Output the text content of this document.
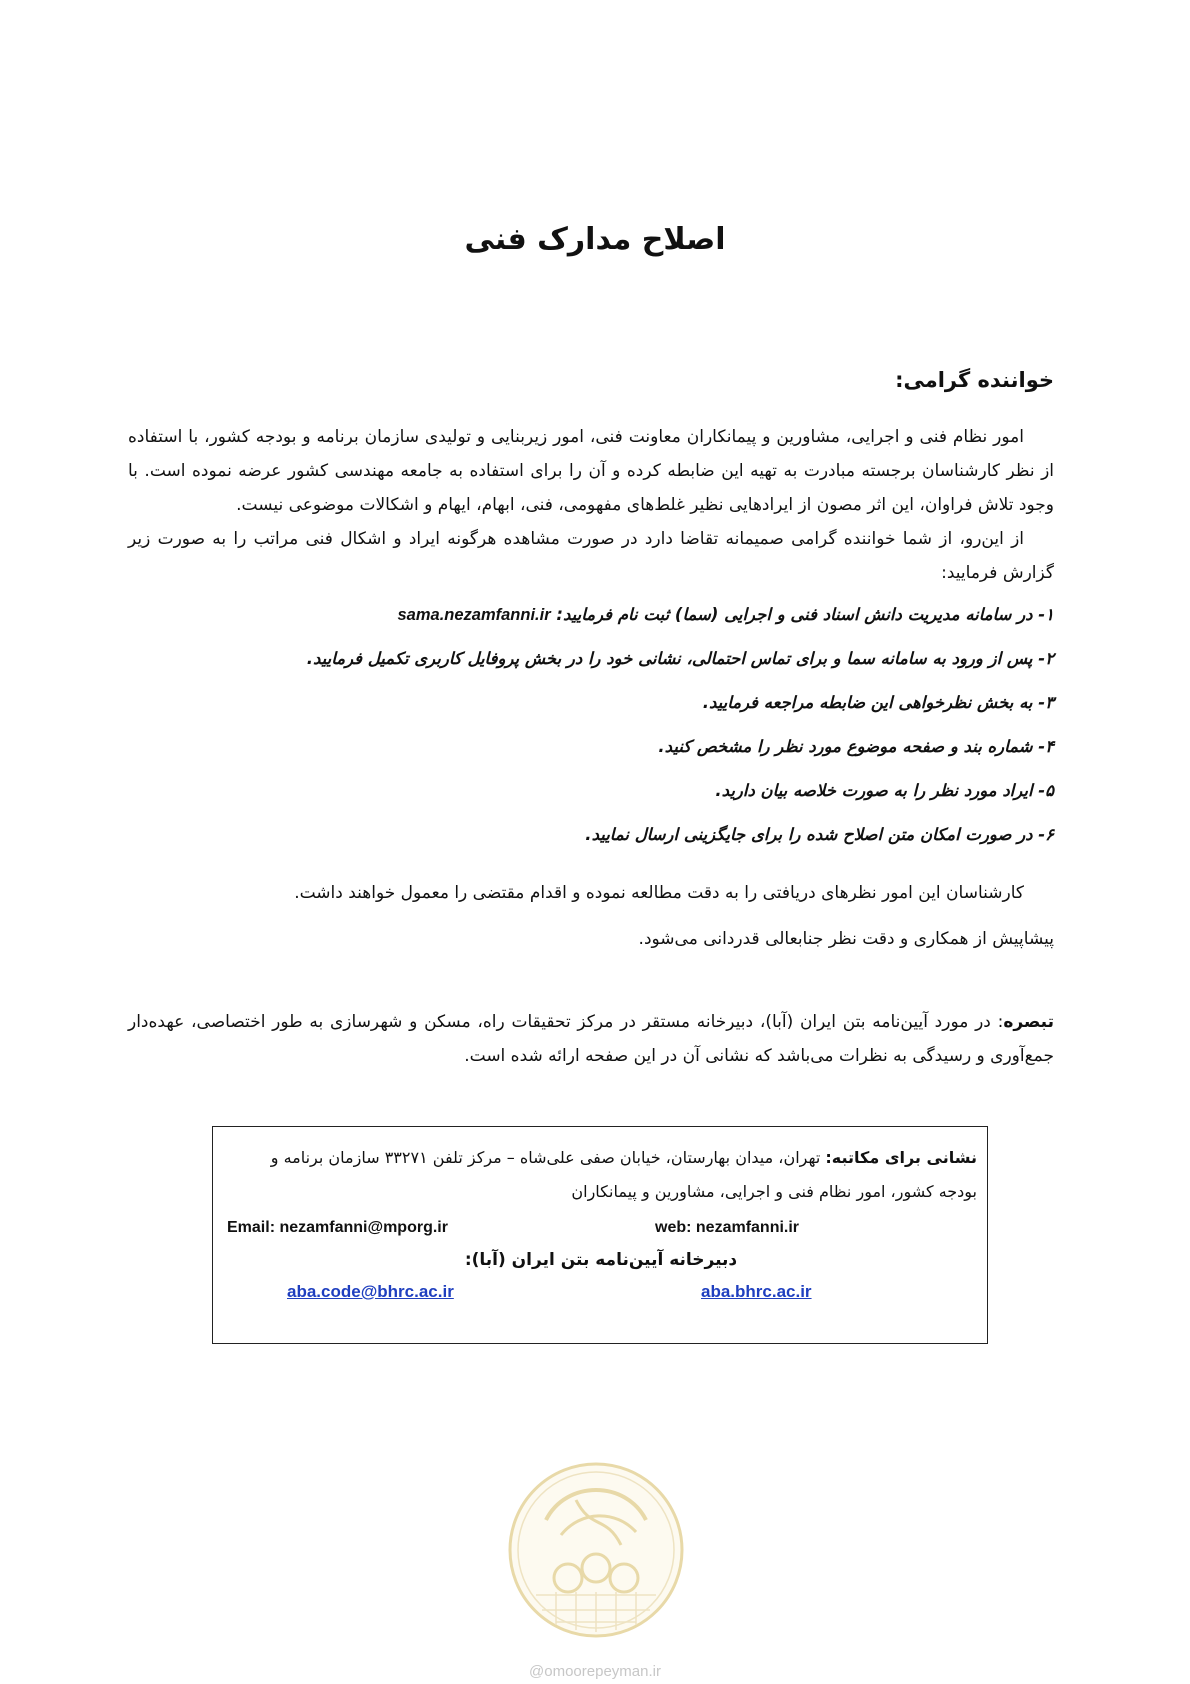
اصلاح مدارک فنی
خواننده گرامی:

امور نظام فنی و اجرایی، مشاورین و پیمانکاران معاونت فنی، امور زیربنایی و تولیدی سازمان برنامه و بودجه کشور، با استفاده از نظر کارشناسان برجسته مبادرت به تهیه این ضابطه کرده و آن را برای استفاده به جامعه مهندسی کشور عرضه نموده است. با وجود تلاش فراوان، این اثر مصون از ایرادهایی نظیر غلط‌های مفهومی، فنی، ابهام، ایهام و اشکالات موضوعی نیست.

از این‌رو، از شما خواننده گرامی صمیمانه تقاضا دارد در صورت مشاهده هرگونه ایراد و اشکال فنی مراتب را به صورت زیر گزارش فرمایید:

۱- در سامانه مدیریت دانش اسناد فنی و اجرایی (سما) ثبت نام فرمایید: sama.nezamfanni.ir
۲- پس از ورود به سامانه سما و برای تماس احتمالی، نشانی خود را در بخش پروفایل کاربری تکمیل فرمایید.
۳- به بخش نظرخواهی این ضابطه مراجعه فرمایید.
۴- شماره بند و صفحه موضوع مورد نظر را مشخص کنید.
۵- ایراد مورد نظر را به صورت خلاصه بیان دارید.
۶- در صورت امکان متن اصلاح شده را برای جایگزینی ارسال نمایید.

کارشناسان این امور نظرهای دریافتی را به دقت مطالعه نموده و اقدام مقتضی را معمول خواهند داشت.

پیشاپیش از همکاری و دقت نظر جنابعالی قدردانی می‌شود.

تبصره: در مورد آیین‌نامه بتن ایران (آبا)، دبیرخانه مستقر در مرکز تحقیقات راه، مسکن و شهرسازی به طور اختصاصی، عهده‌دار جمع‌آوری و رسیدگی به نظرات می‌باشد که نشانی آن در این صفحه ارائه شده است.

نشانی برای مکاتبه: تهران، میدان بهارستان، خیابان صفی علی‌شاه – مرکز تلفن ۳۳۲۷۱ سازمان برنامه و بودجه کشور، امور نظام فنی و اجرایی، مشاورین و پیمانکاران
Email: nezamfanni@mporg.ir	web: nezamfanni.ir
دبیرخانه آیین‌نامه بتن ایران (آبا):
aba.code@bhrc.ac.ir	aba.bhrc.ac.ir
@omoorepeyman.ir
